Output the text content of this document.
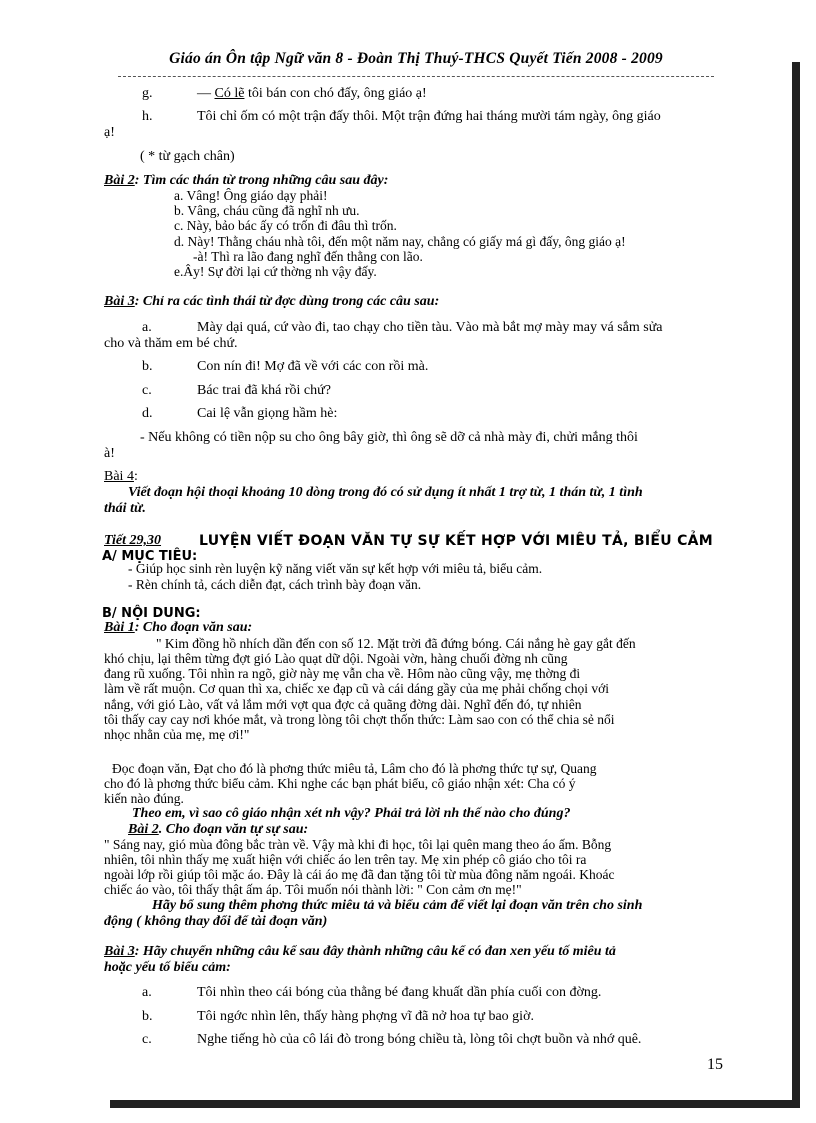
Giáo án Ôn tập Ngữ văn 8 - Đoàn Thị Thuý-THCS Quyết Tiến 2008 - 2009
g.	— Có lẽ tôi bán con chó đấy, ông giáo ạ!
h.	Tôi chỉ ốm có một trận đấy thôi. Một trận đứng hai tháng mười tám ngày, ông giáo
ạ!
( * từ gạch chân)
Bài 2: Tìm các thán từ trong những câu sau đây:
a. Vâng! Ông giáo dạy phải!
b. Vâng, cháu cũng đã nghĩ nh ưu.
c. Này, bảo bác ấy có trốn đi đâu thì trốn.
d. Này! Thằng cháu nhà tôi, đến một năm nay, chẳng có giấy má gì đấy, ông giáo ạ!
-à! Thì ra lão đang nghĩ đến thằng con lão.
e.Ây! Sự đời lại cứ thờng nh vậy đấy.
Bài 3: Chỉ ra các tình thái từ đợc dùng trong các câu sau:
a.	Mày dại quá, cứ vào đi, tao chạy cho tiền tàu. Vào mà bắt mợ mày may vá sắm sửa
cho và thăm em bé chứ.
b.	Con nín đi! Mợ đã về với các con rồi mà.
c.	Bác trai đã khá rồi chứ?
d.	Cai lệ vẫn giọng hầm hè:
- Nếu không có tiền nộp su cho ông bây giờ, thì ông sẽ dỡ cả nhà mày đi, chửi mắng thôi
à!
Bài 4:
Viết đoạn hội thoại khoảng 10 dòng trong đó có sử dụng ít nhất 1 trợ từ, 1 thán từ, 1 tình
thái từ.
Tiết 29,30	LUYỆN VIẾT ĐOẠN VĂN TỰ SỰ KẾT HỢP VỚI MIÊU TẢ, BIỂU CẢM
A/ MỤC TIÊU:
- Giúp học sinh rèn luyện kỹ năng viết văn sự kết hợp với miêu tả, biểu cảm.
- Rèn chính tả, cách diễn đạt, cách trình bày đoạn văn.
B/ NỘI DUNG:
Bài 1: Cho đoạn văn sau:
" Kim đồng hồ nhích dần đến con số 12. Mặt trời đã đứng bóng. Cái nắng hè gay gắt đến
khó chịu, lại thêm từng đợt gió Lào quạt dữ dội. Ngoài vờn, hàng chuối đờng nh cũng
đang rũ xuống. Tôi nhìn ra ngõ, giờ này mẹ vẫn cha về. Hôm nào cũng vậy, mẹ thờng đi
làm về rất muộn. Cơ quan thì xa, chiếc xe đạp cũ và cái dáng gầy của mẹ phải chống chọi với
nắng, với gió Lào, vất vả lắm mới vợt qua đợc cả quãng đờng dài. Nghĩ đến đó, tự nhiên
tôi thấy cay cay nơi khóe mắt, và trong lòng tôi chợt thốn thức: Làm sao con có thể chia sẻ nổi
nhọc nhằn của mẹ, mẹ ơi!"
Đọc đoạn văn, Đạt cho đó là phơng thức miêu tả, Lâm cho đó là phơng thức tự sự, Quang
cho đó là phơng thức biểu cảm. Khi nghe các bạn phát biểu, cô giáo nhận xét: Cha có ý
kiến nào đúng.
Theo em, vì sao cô giáo nhận xét nh vậy? Phải trả lời nh thế nào cho đúng?
Bài 2. Cho đoạn văn tự sự sau:
" Sáng nay, gió mùa đông bắc tràn về. Vậy mà khi đi học, tôi lại quên mang theo áo ấm. Bỗng
nhiên, tôi nhìn thấy mẹ xuất hiện với chiếc áo len trên tay. Mẹ xin phép cô giáo cho tôi ra
ngoài lớp rồi giúp tôi mặc áo. Đây là cái áo mẹ đã đan tặng tôi từ mùa đông năm ngoái. Khoác
chiếc áo vào, tôi thấy thật ấm áp. Tôi muốn nói thành lời: " Con cảm ơn mẹ!"
Hãy bổ sung thêm phơng thức miêu tả và biểu cảm để viết lại đoạn văn trên cho sinh
động ( không thay đổi để tài đoạn văn)
Bài 3: Hãy chuyển những câu kể sau đây thành những câu kể có đan xen yếu tố miêu tả
hoặc yếu tố biểu cảm:
a.	Tôi nhìn theo cái bóng của thằng bé đang khuất dần phía cuối con đờng.
b.	Tôi ngớc nhìn lên, thấy hàng phợng vĩ đã nở hoa tự bao giờ.
c.	Nghe tiếng hò của cô lái đò trong bóng chiều tà, lòng tôi chợt buồn và nhớ quê.
15
